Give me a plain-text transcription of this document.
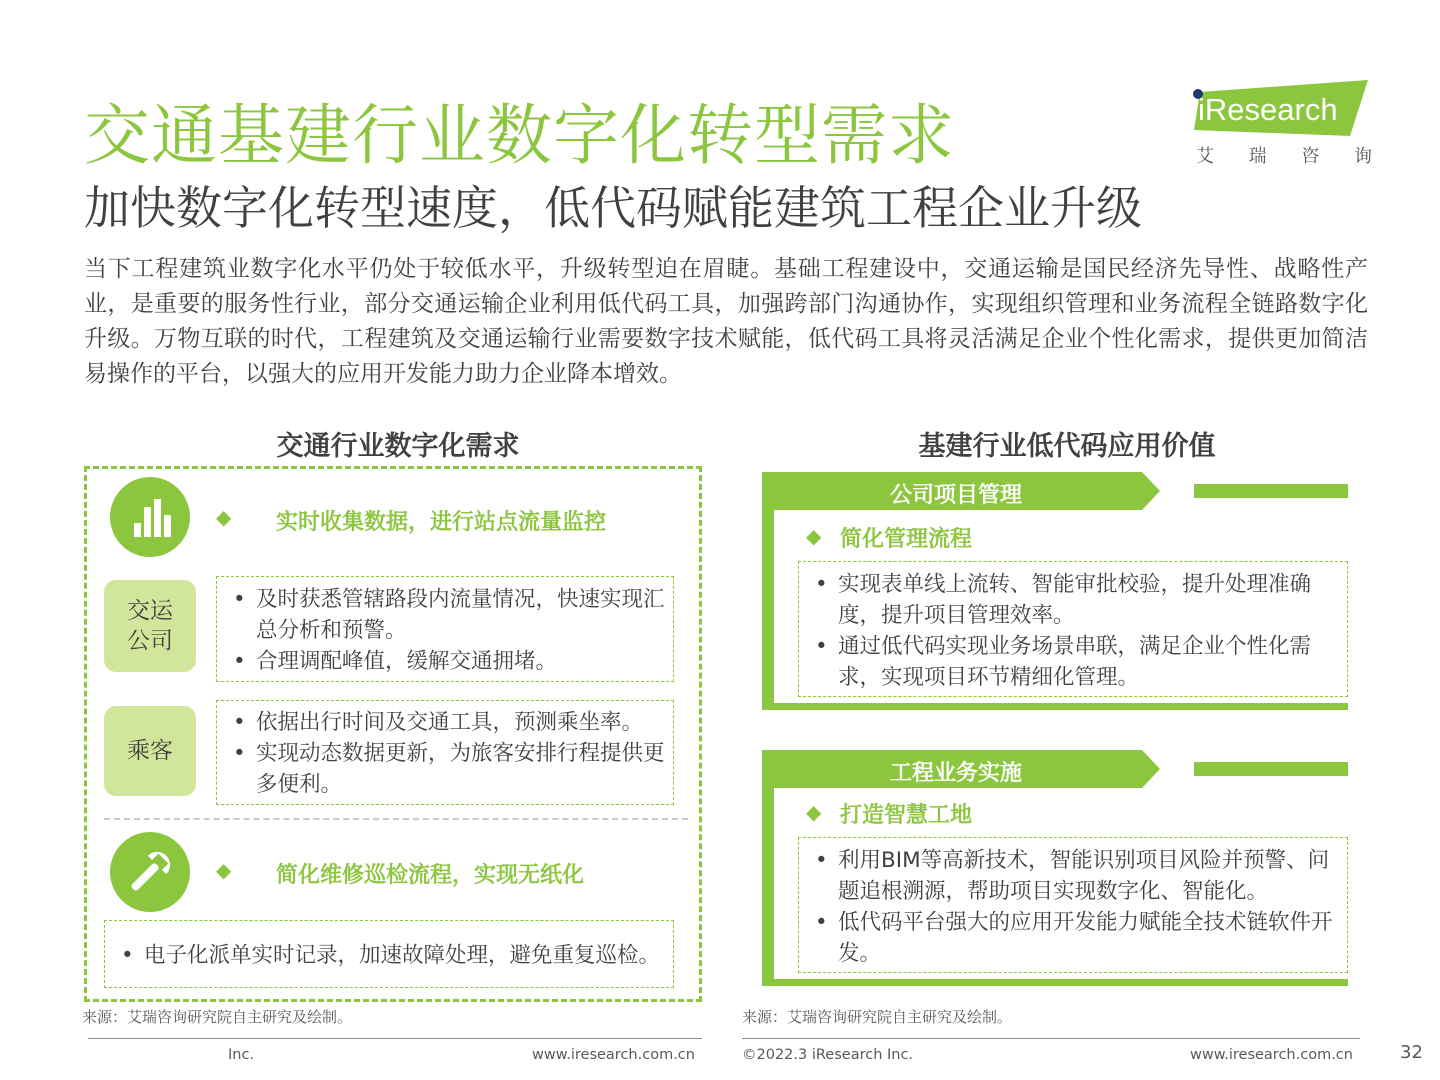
交通基建行业数字化转型需求
加快数字化转型速度，低代码赋能建筑工程企业升级
iResearch
艾 瑞 咨 询
当下工程建筑业数字化水平仍处于较低水平，升级转型迫在眉睫。基础工程建设中，交通运输是国民经济先导性、战略性产业，是重要的服务性行业，部分交通运输企业利用低代码工具，加强跨部门沟通协作，实现组织管理和业务流程全链路数字化升级。万物互联的时代，工程建筑及交通运输行业需要数字技术赋能，低代码工具将灵活满足企业个性化需求，提供更加简洁易操作的平台，以强大的应用开发能力助力企业降本增效。
交通行业数字化需求	基建行业低代码应用价值
◆ 实时收集数据，进行站点流量监控
交运
公司
• 及时获悉管辖路段内流量情况，快速实现汇总分析和预警。
• 合理调配峰值，缓解交通拥堵。
乘客
• 依据出行时间及交通工具，预测乘坐率。
• 实现动态数据更新，为旅客安排行程提供更多便利。
◆ 简化维修巡检流程，实现无纸化
• 电子化派单实时记录，加速故障处理，避免重复巡检。
来源：艾瑞咨询研究院自主研究及绘制。
公司项目管理
◆ 简化管理流程
• 实现表单线上流转、智能审批校验，提升处理准确度，提升项目管理效率。
• 通过低代码实现业务场景串联，满足企业个性化需求，实现项目环节精细化管理。
工程业务实施
◆ 打造智慧工地
• 利用BIM等高新技术，智能识别项目风险并预警、问题追根溯源，帮助项目实现数字化、智能化。
• 低代码平台强大的应用开发能力赋能全技术链软件开发。
来源：艾瑞咨询研究院自主研究及绘制。
Inc.	www.iresearch.com.cn	©2022.3 iResearch Inc.	www.iresearch.com.cn	32
